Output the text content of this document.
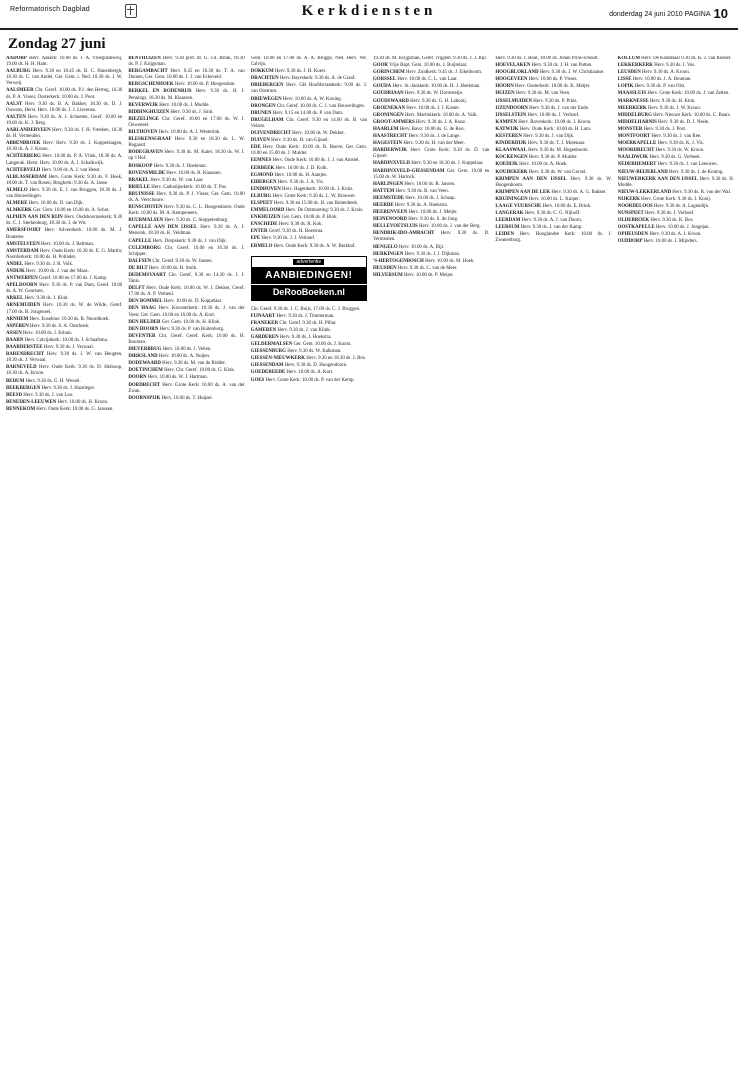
Reformatorisch Dagblad	Kerkdiensten	donderdag 24 juni 2010 PAGINA 10
Zondag 27 juni

AADORP Herv. Aakerk: 10.00 ds. J. A. Vroegindeweij, 19.00 ds. H. H. Ham.

AALBURG Herv. 9.30 en 18.45 ds. B. C. Hanenbergh, 18.30 ds. C. van Andel, Ger. Gem. i. Ned. 10.30 ds. J. W. Verweij.

AALSMEER Chr. Geref. 10.00 ds. P.J. den Hertog, 16.30 ds. P. A. Visser, Oosterkerk: 10.00 ds. J. Poot.

AALST Herv. 9.30 ds. B. A. Bakker, 18.30 ds. D. J. Ouwens, Herst. Herv. 10.00 ds. J. J. Lievense.

AALTEN Herv. 9.30 ds. A. J. Schoeten, Geref. 10.00 en 19.00 ds. K. J. Berg.

AARLANDERVEEN Herv. 9.30 ds. J. H. Vreeken, 18.30 ds. H. Vermeulen.

ABBENBROEK Herv. Herv. 9.30 ds. J. Koppenhagen, 18.30 ds. A. J. Kroon.

ACHTERBERG Herv. 10.00 ds. P. A. Vlink, 18.30 ds. A. Langerak. Herst. Herv. 10.00 ds. A. J. Schalkwijk.

ACHTERVELD Herv. 9.00 ds. A. J. van Heest.

ALBLASSERDAM Herv. Grote Kerk: 9.30 ds. F. Hoek, 18.00 ds. T. van Rosen; Brugkerk: 9.30 ds. A. Janse.

ALMELO Herv. 9.30 ds. E. J. van Bruggen, 18.30 ds. J. van Houwelingen.

ALMERE Herv. 10.00 ds. D. van Dijk.

ALMKERK Ger. Gem. 10.00 en 16.00 ds. A. Schot.

ALPHEN AAN DEN RIJN Herv. Oudshoornsekerk: 9.30 ds. C. J. Sterkenburg, 18.30 ds. J. de Wit.

AMERSFOORT Herv. Adventkerk: 10.00 ds. M. J. Bouterse.

AMSTELVEEN Herv. 10.00 ds. J. Beltman.

AMSTERDAM Herv. Oude Kerk: 10.30 ds. E. G. Martin; Noorderkerk: 10.00 ds. H. Polinder.

ANDEL Herv. 9.30 ds. J. R. Volk.

ANDIJK Herv. 10.00 ds. J. van der Maas.

ANTWERPEN Geref. 10.00 en 17.00 ds. J. Kamp.

APELDOORN Herv. 9.30 ds. P. van Dam, Geref. 10.00 ds. A. W. Geurtsen.

ARKEL Herv. 9.30 ds. J. Kluit.

ARNEMUIDEN Herv. 10.30 ds. W. de Wilde, Geref. 17.00 ds. B. Jongeneel.

ARNHEM Herv. Eusebius: 10.30 ds. R. Noordhoek.

ASPEREN Herv. 9.30 ds. S. A. Oosthoek.

ASSEN Herv. 10.00 ds. J. Eshuis.

BAARN Herv. Calvijnkerk: 10.00 ds. J. Schaafsma.

BAARDERSTEE Herv. 9.30 ds. J. Verwaal.

BARENDRECHT Herv. 9.30 ds. J. W. van Heugten, 18.30 ds. J. Verwaal.

BARNEVELD Herv. Oude Kerk: 9.30 ds. D. Heikoop, 18.30 ds. A. Kroon.

BEDUM Herv. 9.30 ds. G. H. Wessel.

BEEKBERGEN Herv. 9.30 ds. J. Hazeleger.

BEESD Herv. 9.30 ds. J. van Loo.

BENEDEN-LEEUWEN Herv. 10.00 ds. H. Kroon.

BENNEKOM Herv. Oude Kerk: 10.00 ds. G. Janssen.

BENTHUIZEN Herv. 9.30 prof. dr. G. v.d. Brink, 18.30 ds. P. J. Krijgsman.

BERGAMBACHT Herv. 9.45 en 18.30 ds. T. A. van Duinen, Ger. Gem. 10.00 ds. J. J. van Eckeveld.

BERGSCHENHOEK Herv. 10.00 ds. P. Hoogendam.

BERKEL EN RODENRIJS Herv. 9.30 ds. H. J. Pennings, 18.30 ds. M. Klaassen.

BEVERWIJK Herv. 10.00 ds. J. Mudde.

BIDDINGHUIZEN Herv. 9.30 ds. J. Smit.

BIEZELINGE Chr. Geref. 10.00 en 17.00 ds. W. J. Ouweneel.

BILTHOVEN Herv. 10.00 ds. A. J. Westerink.

BLESKENSGRAAF Herv. 9.30 en 18.30 ds. L. W. Bogaard.

BODEGRAVEN Herv. 9.30 ds. M. Kater, 18.30 ds. W. J. op 't Hof.

BOSKOOP Herv. 9.30 ds. J. Hoekman.

BOVENSMILDE Herv. 10.00 ds. B. Klaassen.

BRAKEL Herv. 9.30 ds. W. van Laar.

BRIELLE Herv. Catharijnekerk: 10.00 ds. T. Pos.

BRUINISSE Herv. 9.30 ds. P. J. Visser, Ger. Gem. 10.00 ds. A. Verschuure.

BUNSCHOTEN Herv. 9.30 ds. C. L. Hoogendoorn, Oude Kerk: 10.00 ds. M. A. Kempeneers.

BUURMALSEN Herv. 9.30 ds. C. Stoppelenburg.

CAPELLE AAN DEN IJSSEL Herv. 9.30 ds. A. J. Mensink, 18.30 ds. K. Veldman.

CAPELLE Herv. Dorpskerk: 9.30 ds. J. van Dijk.

CULEMBORG Chr. Geref. 10.00 en 16.30 ds. J. Schipper.

DALFSEN Chr. Geref. 9.30 ds. W. Jansen.

DE BILT Herv. 10.00 ds. H. Stolk.

DEDEMSVAART Chr. Geref. 9.30 en 14.30 ds. J. J. Tanis.

DELFT Herv. Oude Kerk: 10.00 ds. W. J. Dekker, Geref. 17.00 ds. A. P. Verheul.

DEN BOMMEL Herv. 10.00 ds. D. Koppelaar.

DEN HAAG Herv. Kloosterkerk: 10.30 ds. J. van der Veen; Ger. Gem. 10.00 en 16.00 ds. A. Kort.

DEN HELDER Ger. Gem. 10.00 ds. H. Klink.

DEN HOORN Herv. 9.30 ds. P. van Ruitenburg.

DEVENTER Chr. Geref. Geref. Kerk: 10.00 ds. H. Bouman.

DIEVERBRUG Herv. 10.00 ds. J. Velten.

DIRKSLAND Herv. 10.00 ds. A. Nuijen.

DODEWAARD Herv. 9.30 ds. M. van de Ridder.

DOETINCHEM Herv. Chr. Geref. 10.00 ds. G. Klok.

DOORN Herv. 10.00 ds. W. J. Hartman.

DORDRECHT Herv. Grote Kerk: 10.00 ds. A. van der Zwan.

DOORNSPIJK Herv. 10.00 ds. T. Huijser.

Gem. 10.00 en 17.00 ds. A. A. Brugge, Ned. Herv. Ver. Calvijn.

DOKKUM Herv. 9.30 ds. J. H. Koert.

DRACHTEN Herv. Bayeskerk: 9.30 ds. A. de Graaf.

DRIEBERGEN Herv. GB Hoofdstraatkerk: 9.00 ds. J. van Oostrum.

DRIEWEGEN Herv. 10.00 ds. A. W. Koning.

DRONGEN Chr. Geref. 10.00 ds. C. J. van Houwelingen.

DRUNEN Herv. 9.15 en 14.00 ds. P. van Dam.

DRUGELHAM Chr. Geref. 9.30 en 14.00 ds. B. van Velzen.

DUIVENDRECHT Herv. 10.00 ds. W. Dekker.

DUIVEN Herv. 9.30 ds. H. van Gijssel.

EDE Herv. Oude Kerk: 10.00 ds. R. Boeve; Ger. Gem. 10.00 en 15.00 ds. J. Mulder.

EEMNES Herv. Oude Kerk: 10.00 ds. J. J. van Amstel.

EERBEEK Herv. 10.00 ds. J. D. Kolk.

EGMOND Herv. 10.00 ds. H. Aantjes.

EIBERGEN Herv. 9.30 ds. J. A. Vis.

EINDHOVEN Herv. Hagenkerk: 10.00 ds. J. Kruis.

ELBURG Herv. Grote Kerk: 9.30 ds. L. W. Brouwer.

ELSPEET Herv. 9.30 en 15.00 ds. H. van Ruitenbeek.

EMMELOORD Herv. De Ontmoeting: 9.30 ds. J. Kruis.

ENKHUIZEN Ger. Gem. 10.00 ds. P. Blok.

ENSCHEDE Herv. 9.30 ds. R. Kok.

ENTER Geref. 9.30 ds. H. Boersma.

EPE Herv. 9.30 ds. J. J. Verhoef.

ERMELO Herv. Oude Kerk: 9.30 ds. A. W. Berkhof.

advertentie
AANBIEDINGEN!
DeRooBoeken.nl

Chr. Geref. 9.30 ds. J. C. Buijs, 17.00 ds. C. J. Bruggen.

FIJNAART Herv. 9.30 ds. J. Timmerman.

FRANEKER Chr. Geref. 9.30 ds. H. Pillar.

GAMEREN Herv. 9.30 ds. J. van Klink.

GARDEREN Herv. 9.30 ds. J. Hoekstra.

GELDERMALSEN Ger. Gem. 10.00 ds. J. Kunst.

GIESSENBURG Herv. 9.30 ds. W. Kalkman.

GIESSEN-NIEUWKERK Herv. 9.30 en 18.30 ds. J. Bos.

GIESSENDAM Herv. 9.30 ds. D. Hoogendoorn.

GOEDEREEDE Herv. 10.00 ds. A. Kort.

GOES Herv. Grote Kerk: 10.00 ds. P. van der Kemp.

19.30 ds. M. Krijgsman, Geref. vrijgem. 9.30 ds. J. J. Bijl.

GOOR Vrije Bapt. Gem. 10.00 ds. J. Buijtelaar.

GORINCHEM Herv. Zuidkerk: 9.45 ds. J. Eikelboom.

GORSSEL Herv. 10.00 ds. C. L. van Laar.

GOUDA Herv. St.-Janskerk: 10.00 ds. H. J. Hoekman.

GOUDRIAAN Herv. 9.30 ds. W. Dorresteijn.

GOUDSWAARD Herv. 9.30 ds. G. H. Labooij.

GROENEKAN Herv. 10.00 ds. J. J. Koster.

GRONINGEN Herv. Martinikerk: 10.00 ds. A. Valk.

GROOT-AMMERS Herv. 9.30 ds. J. A. Kunz.

HAARLEM Herv. Bavo: 10.00 ds. G. de Roo.

HAASTRECHT Herv. 9.30 ds. J. de Lange.

HAGESTEIN Herv. 9.30 ds. H. van der Meer.

HARDERWIJK Herv. Grote Kerk: 9.30 ds. D. van Gijssel.

HARDINXVELD Herv. 9.30 en 18.30 ds. J. Koppelaar.

HARDINXVELD-GIESSENDAM Ger. Gem. 10.00 en 15.00 ds. W. Harinck.

HARLINGEN Herv. 10.00 ds. R. Jansen.

HATTEM Herv. 9.30 ds. B. van Veen.

HEEMSTEDE Herv. 10.00 ds. J. Schaap.

HEERDE Herv. 9.30 ds. A. Hoekstra.

HEERENVEEN Herv. 10.00 ds. J. Meijer.

HEINENOORD Herv. 9.30 ds. S. de Jong.

HELLEVOETSLUIS Herv. 10.00 ds. J. van der Berg.

HENDRIK-IDO-AMBACHT Herv. 9.30 ds. D. Vermeulen.

HENGELO Herv. 10.00 ds. A. Bijl.

HERKINGEN Herv. 9.30 ds. J. J. Dijkman.

'S-HERTOGENBOSCH Herv. 10.00 ds. M. Hoek.

HEUSDEN Herv. 9.30 ds. C. van de Meer.

HILVERSUM Herv. 10.00 ds. P. Meijer.

Herv. 9.30 ds. J. Bout, 18.00 ds. Johan Prins-schoolt.

HOEVELAKEN Herv. 9.30 ds. J. H. van Putten.

HOOGBLOKLAND Herv. 9.30 ds. J. W. Christiaanse.

HOOGEVEEN Herv. 10.00 ds. P. Visser.

HOORN Herv. Oosterkerk: 10.00 ds. K. Meijer.

HUIZEN Herv. 9.30 ds. M. van Veen.

IJSSELMUIDEN Herv. 9.30 ds. P. Prins.

IJZENDOORN Herv. 9.30 ds. J. van der Ende.

IJSSELSTEIN Herv. 10.00 ds. J. Verhoef.

KAMPEN Herv. Bovenkerk: 10.00 ds. J. Kroon.

KATWIJK Herv. Oude Kerk: 10.00 ds. H. Lam.

KESTEREN Herv. 9.30 ds. J. van Dijk.

KINDERDIJK Herv. 9.30 ds. T. J. Molenaar.

KLAASWAAL Herv. 9.30 ds. M. Hogenboom.

KOCKENGEN Herv. 9.30 ds. P. Mulder.

KOEDIJK Herv. 10.00 ds. A. Hoek.

KOUDEKERK Herv. 9.30 ds. W. van Gorsel.

KRIMPEN AAN DEN IJSSEL Herv. 9.30 ds. W. Hoogenboom.

KRIMPEN AAN DE LEK Herv. 9.30 ds. A. G. Bakker.

KRUININGEN Herv. 10.00 ds. L. Kuiper.

LAAGE VUURSCHE Herv. 10.00 ds. E. Brink.

LANGERAK Herv. 9.30 ds. C. G. Nijhoff.

LEERDAM Herv. 9.30 ds. A. J. van Doorn.

LEERSUM Herv. 9.30 ds. J. van der Kamp.

LEIDEN Herv. Hooglandse Kerk: 10.00 ds. J. Zwanenburg.

KOLLUM Herv. De Kandelaar 9.30 ds. K. J. van Roekel.

LEKKERKERK Herv. 9.30 ds. J. Vos.

LEUSDEN Herv. 9.30 ds. A. Kroon.

LISSE Herv. 10.00 ds. J. A. Bouman.

LOPIK Herv. 9.30 ds. P. van Olst.

MAASSLUIS Herv. Grote Kerk: 10.00 ds. J. van Zetten.

MARKNESSE Herv. 9.30 ds. H. Klok.

MEERKERK Herv. 9.30 ds. J. W. Kroon.

MIDDELBURG Herv. Nieuwe Kerk: 10.00 ds. C. Baars.

MIDDELHARNIS Herv. 9.30 ds. D. J. Neele.

MONSTER Herv. 9.30 ds. J. Post.

MONTFOORT Herv. 9.30 ds. J. van Ree.

MOERKAPELLE Herv. 9.30 ds. K. J. Vis.

MOORDRECHT Herv. 9.30 ds. W. Kroon.

NAALDWIJK Herv. 9.30 ds. G. Verbeek.

NEDERHEMERT Herv. 9.30 ds. J. van Leeuwen.

NIEUW-BEIJERLAND Herv. 9.30 ds. J. de Koning.

NIEUWERKERK AAN DEN IJSSEL Herv. 9.30 ds. H. Mudde.

NIEUW-LEKKERLAND Herv. 9.30 ds. R. van der Wal.

NIJKERK Herv. Grote Kerk: 9.30 ds. J. Kooij.

NOORDELOOS Herv. 9.30 ds. A. Lagendijk.

NUNSPEET Herv. 9.30 ds. J. Verhoef.

OLDEBROEK Herv. 9.30 ds. K. Bos.

OOSTKAPELLE Herv. 10.00 ds. J. Jongejan.

OPHEUSDEN Herv. 9.30 ds. A. J. Kroon.

OUDDORP Herv. 10.00 ds. J. Mijnders.
